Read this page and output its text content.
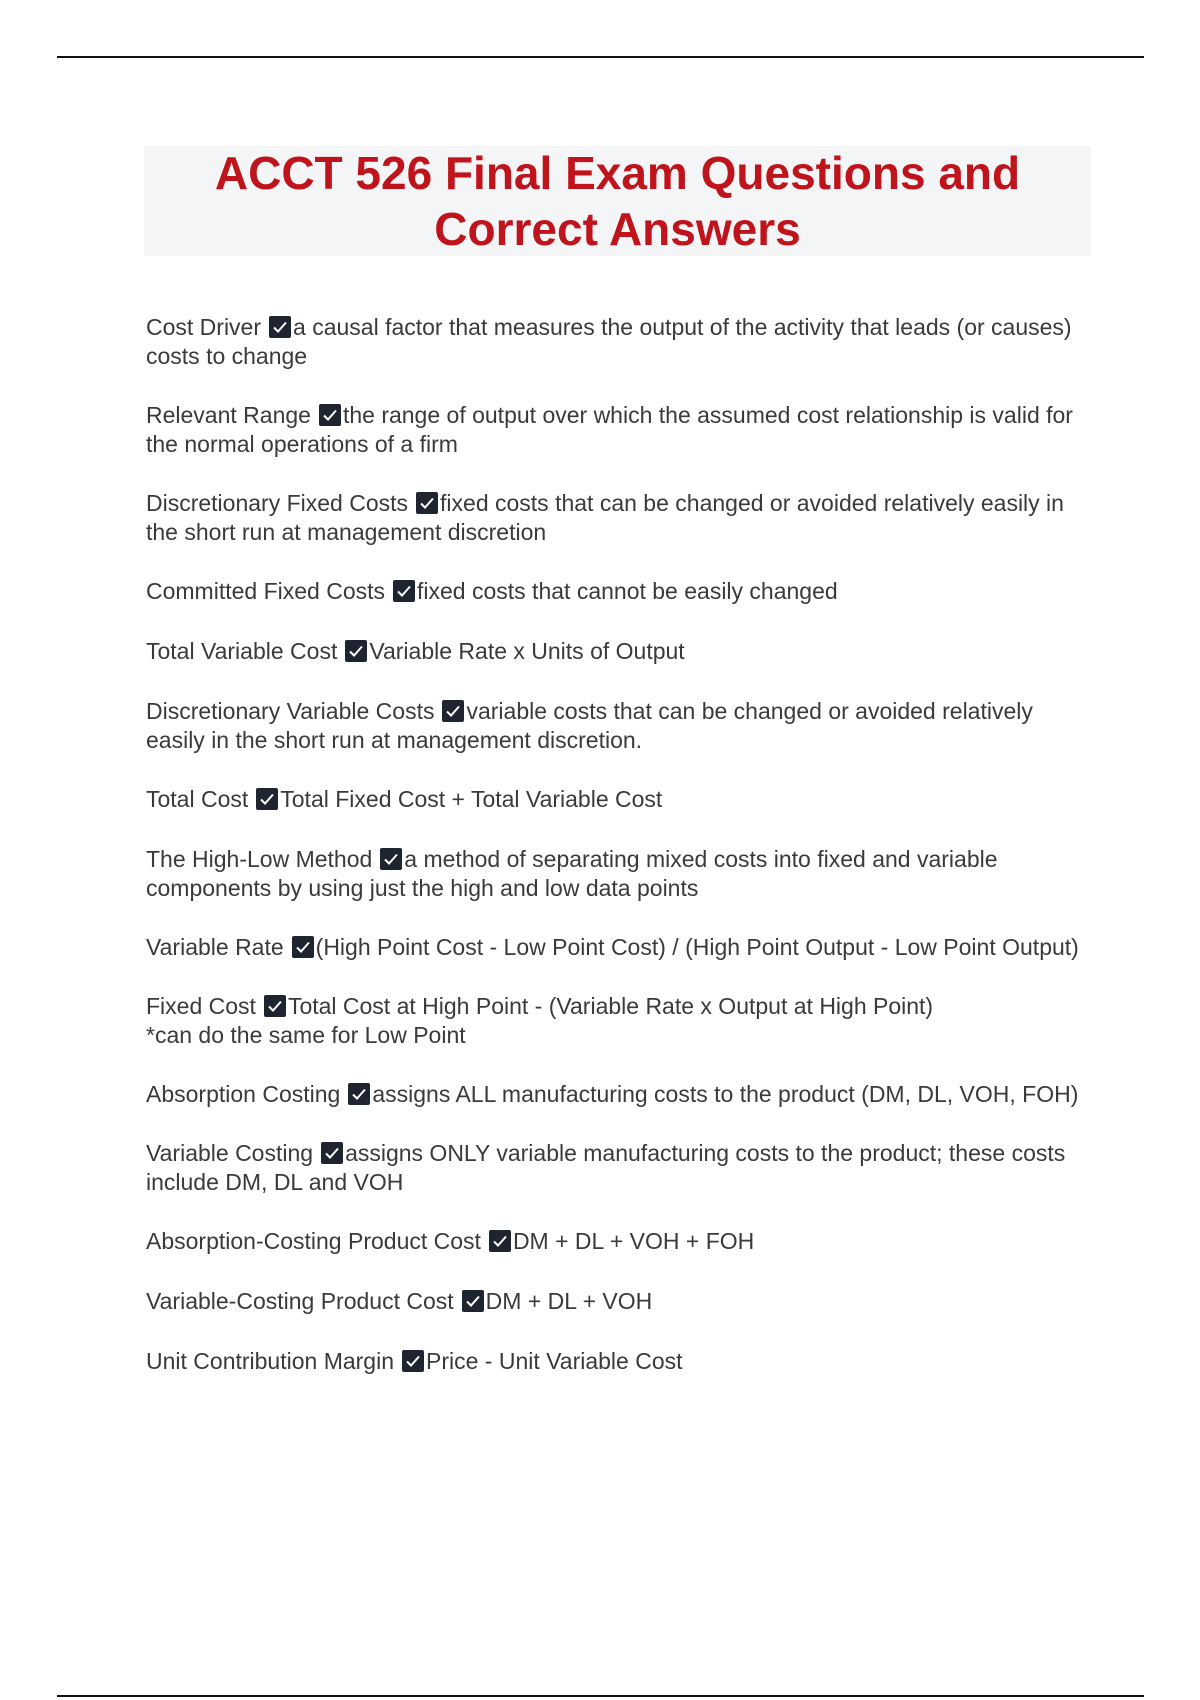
ACCT 526 Final Exam Questions and Correct Answers
Cost Driver a causal factor that measures the output of the activity that leads (or causes) costs to change
Relevant Range the range of output over which the assumed cost relationship is valid for the normal operations of a firm
Discretionary Fixed Costs fixed costs that can be changed or avoided relatively easily in the short run at management discretion
Committed Fixed Costs fixed costs that cannot be easily changed
Total Variable Cost Variable Rate x Units of Output
Discretionary Variable Costs variable costs that can be changed or avoided relatively easily in the short run at management discretion.
Total Cost Total Fixed Cost + Total Variable Cost
The High-Low Method a method of separating mixed costs into fixed and variable components by using just the high and low data points
Variable Rate (High Point Cost - Low Point Cost) / (High Point Output - Low Point Output)
Fixed Cost Total Cost at High Point - (Variable Rate x Output at High Point)
*can do the same for Low Point
Absorption Costing assigns ALL manufacturing costs to the product (DM, DL, VOH, FOH)
Variable Costing assigns ONLY variable manufacturing costs to the product; these costs include DM, DL and VOH
Absorption-Costing Product Cost DM + DL + VOH + FOH
Variable-Costing Product Cost DM + DL + VOH
Unit Contribution Margin Price - Unit Variable Cost
